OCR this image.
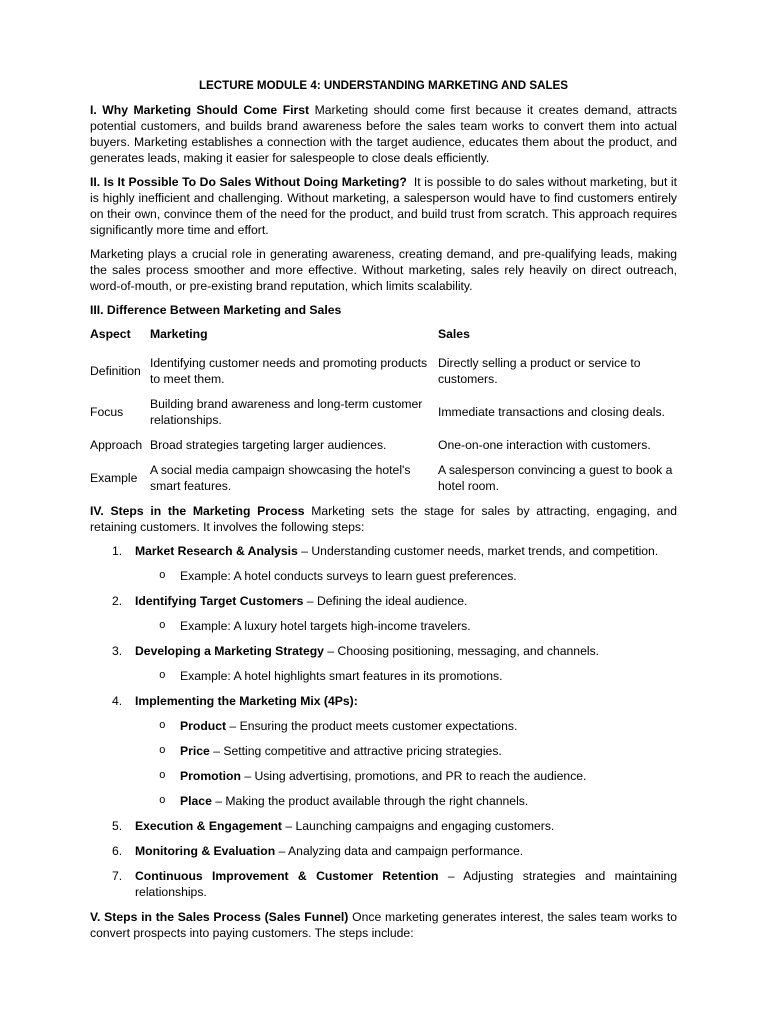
LECTURE MODULE 4: UNDERSTANDING MARKETING AND SALES

I. Why Marketing Should Come First Marketing should come first because it creates demand, attracts potential customers, and builds brand awareness before the sales team works to convert them into actual buyers. Marketing establishes a connection with the target audience, educates them about the product, and generates leads, making it easier for salespeople to close deals efficiently.

II. Is It Possible To Do Sales Without Doing Marketing? It is possible to do sales without marketing, but it is highly inefficient and challenging. Without marketing, a salesperson would have to find customers entirely on their own, convince them of the need for the product, and build trust from scratch. This approach requires significantly more time and effort.

Marketing plays a crucial role in generating awareness, creating demand, and pre-qualifying leads, making the sales process smoother and more effective. Without marketing, sales rely heavily on direct outreach, word-of-mouth, or pre-existing brand reputation, which limits scalability.

III. Difference Between Marketing and Sales
Aspect	Marketing	Sales
Definition	Identifying customer needs and promoting products to meet them.	Directly selling a product or service to customers.
Focus	Building brand awareness and long-term customer relationships.	Immediate transactions and closing deals.
Approach	Broad strategies targeting larger audiences.	One-on-one interaction with customers.
Example	A social media campaign showcasing the hotel's smart features.	A salesperson convincing a guest to book a hotel room.

IV. Steps in the Marketing Process Marketing sets the stage for sales by attracting, engaging, and retaining customers. It involves the following steps:

1. Market Research & Analysis – Understanding customer needs, market trends, and competition.
o Example: A hotel conducts surveys to learn guest preferences.
2. Identifying Target Customers – Defining the ideal audience.
o Example: A luxury hotel targets high-income travelers.
3. Developing a Marketing Strategy – Choosing positioning, messaging, and channels.
o Example: A hotel highlights smart features in its promotions.
4. Implementing the Marketing Mix (4Ps):
o Product – Ensuring the product meets customer expectations.
o Price – Setting competitive and attractive pricing strategies.
o Promotion – Using advertising, promotions, and PR to reach the audience.
o Place – Making the product available through the right channels.
5. Execution & Engagement – Launching campaigns and engaging customers.
6. Monitoring & Evaluation – Analyzing data and campaign performance.
7. Continuous Improvement & Customer Retention – Adjusting strategies and maintaining relationships.

V. Steps in the Sales Process (Sales Funnel) Once marketing generates interest, the sales team works to convert prospects into paying customers. The steps include:
